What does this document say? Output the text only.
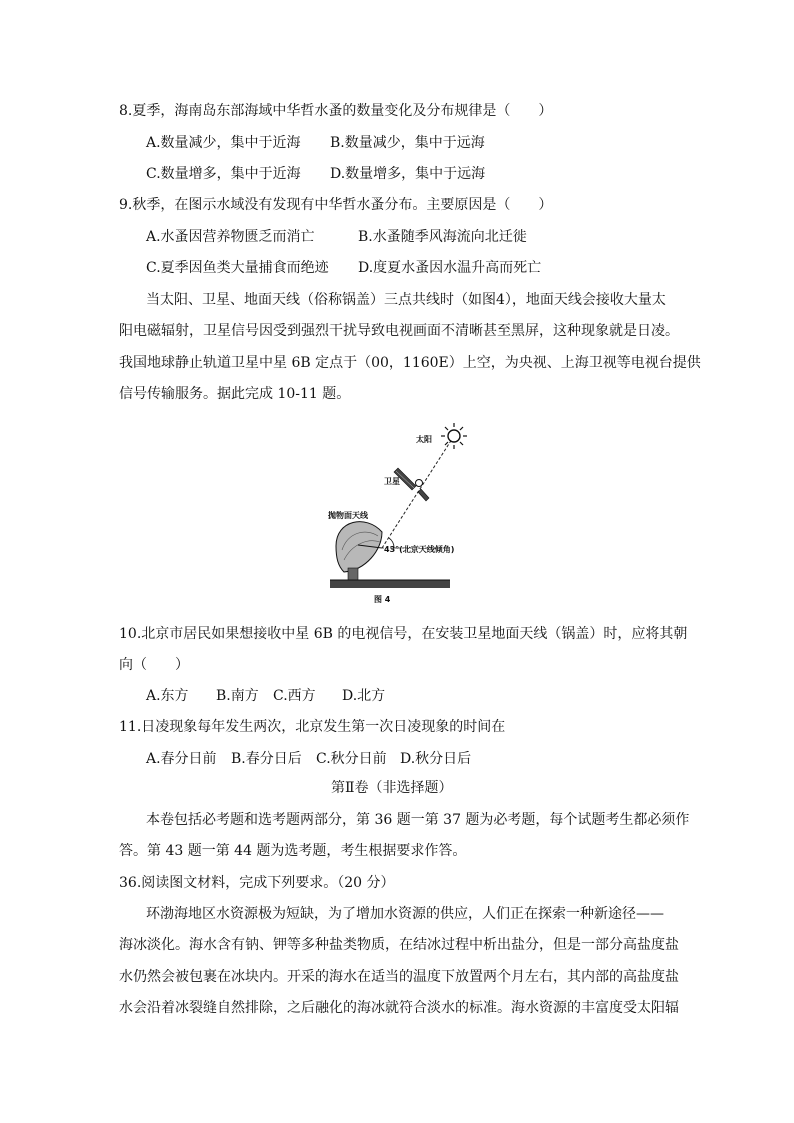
8.夏季，海南岛东部海域中华哲水蚤的数量变化及分布规律是（　　）
A.数量减少，集中于近海 B.数量减少，集中于远海
C.数量增多，集中于近海 D.数量增多，集中于远海
9.秋季，在图示水域没有发现有中华哲水蚤分布。主要原因是（　　）
A.水蚤因营养物匮乏而消亡	B.水蚤随季风海流向北迁徙
C.夏季因鱼类大量捕食而绝迹 D.度夏水蚤因水温升高而死亡
当太阳、卫星、地面天线（俗称锅盖）三点共线时（如图4），地面天线会接收大量太
阳电磁辐射，卫星信号因受到强烈干扰导致电视画面不清晰甚至黑屏，这种现象就是日凌。
我国地球静止轨道卫星中星 6B 定点于（00，1160E）上空，为央视、上海卫视等电视台提供
信号传输服务。据此完成 10-11 题。
太阳
卫星
抛物面天线
43°(北京天线倾角)
图 4
10.北京市居民如果想接收中星 6B 的电视信号，在安装卫星地面天线（锅盖）时，应将其朝
向（　　）
A.东方 B.南方 C.西方 D.北方
11.日凌现象每年发生两次，北京发生第一次日凌现象的时间在
A.春分日前 B.春分日后 C.秋分日前 D.秋分日后
第Ⅱ卷（非选择题）
本卷包括必考题和选考题两部分，第 36 题一第 37 题为必考题，每个试题考生都必须作
答。第 43 题一第 44 题为选考题，考生根据要求作答。
36.阅读图文材料，完成下列要求。（20 分）
环渤海地区水资源极为短缺，为了增加水资源的供应，人们正在探索一种新途径——
海冰淡化。海水含有钠、钾等多种盐类物质，在结冰过程中析出盐分，但是一部分高盐度盐
水仍然会被包裹在冰块内。开采的海水在适当的温度下放置两个月左右，其内部的高盐度盐
水会沿着冰裂缝自然排除，之后融化的海冰就符合淡水的标准。海水资源的丰富度受太阳辐
